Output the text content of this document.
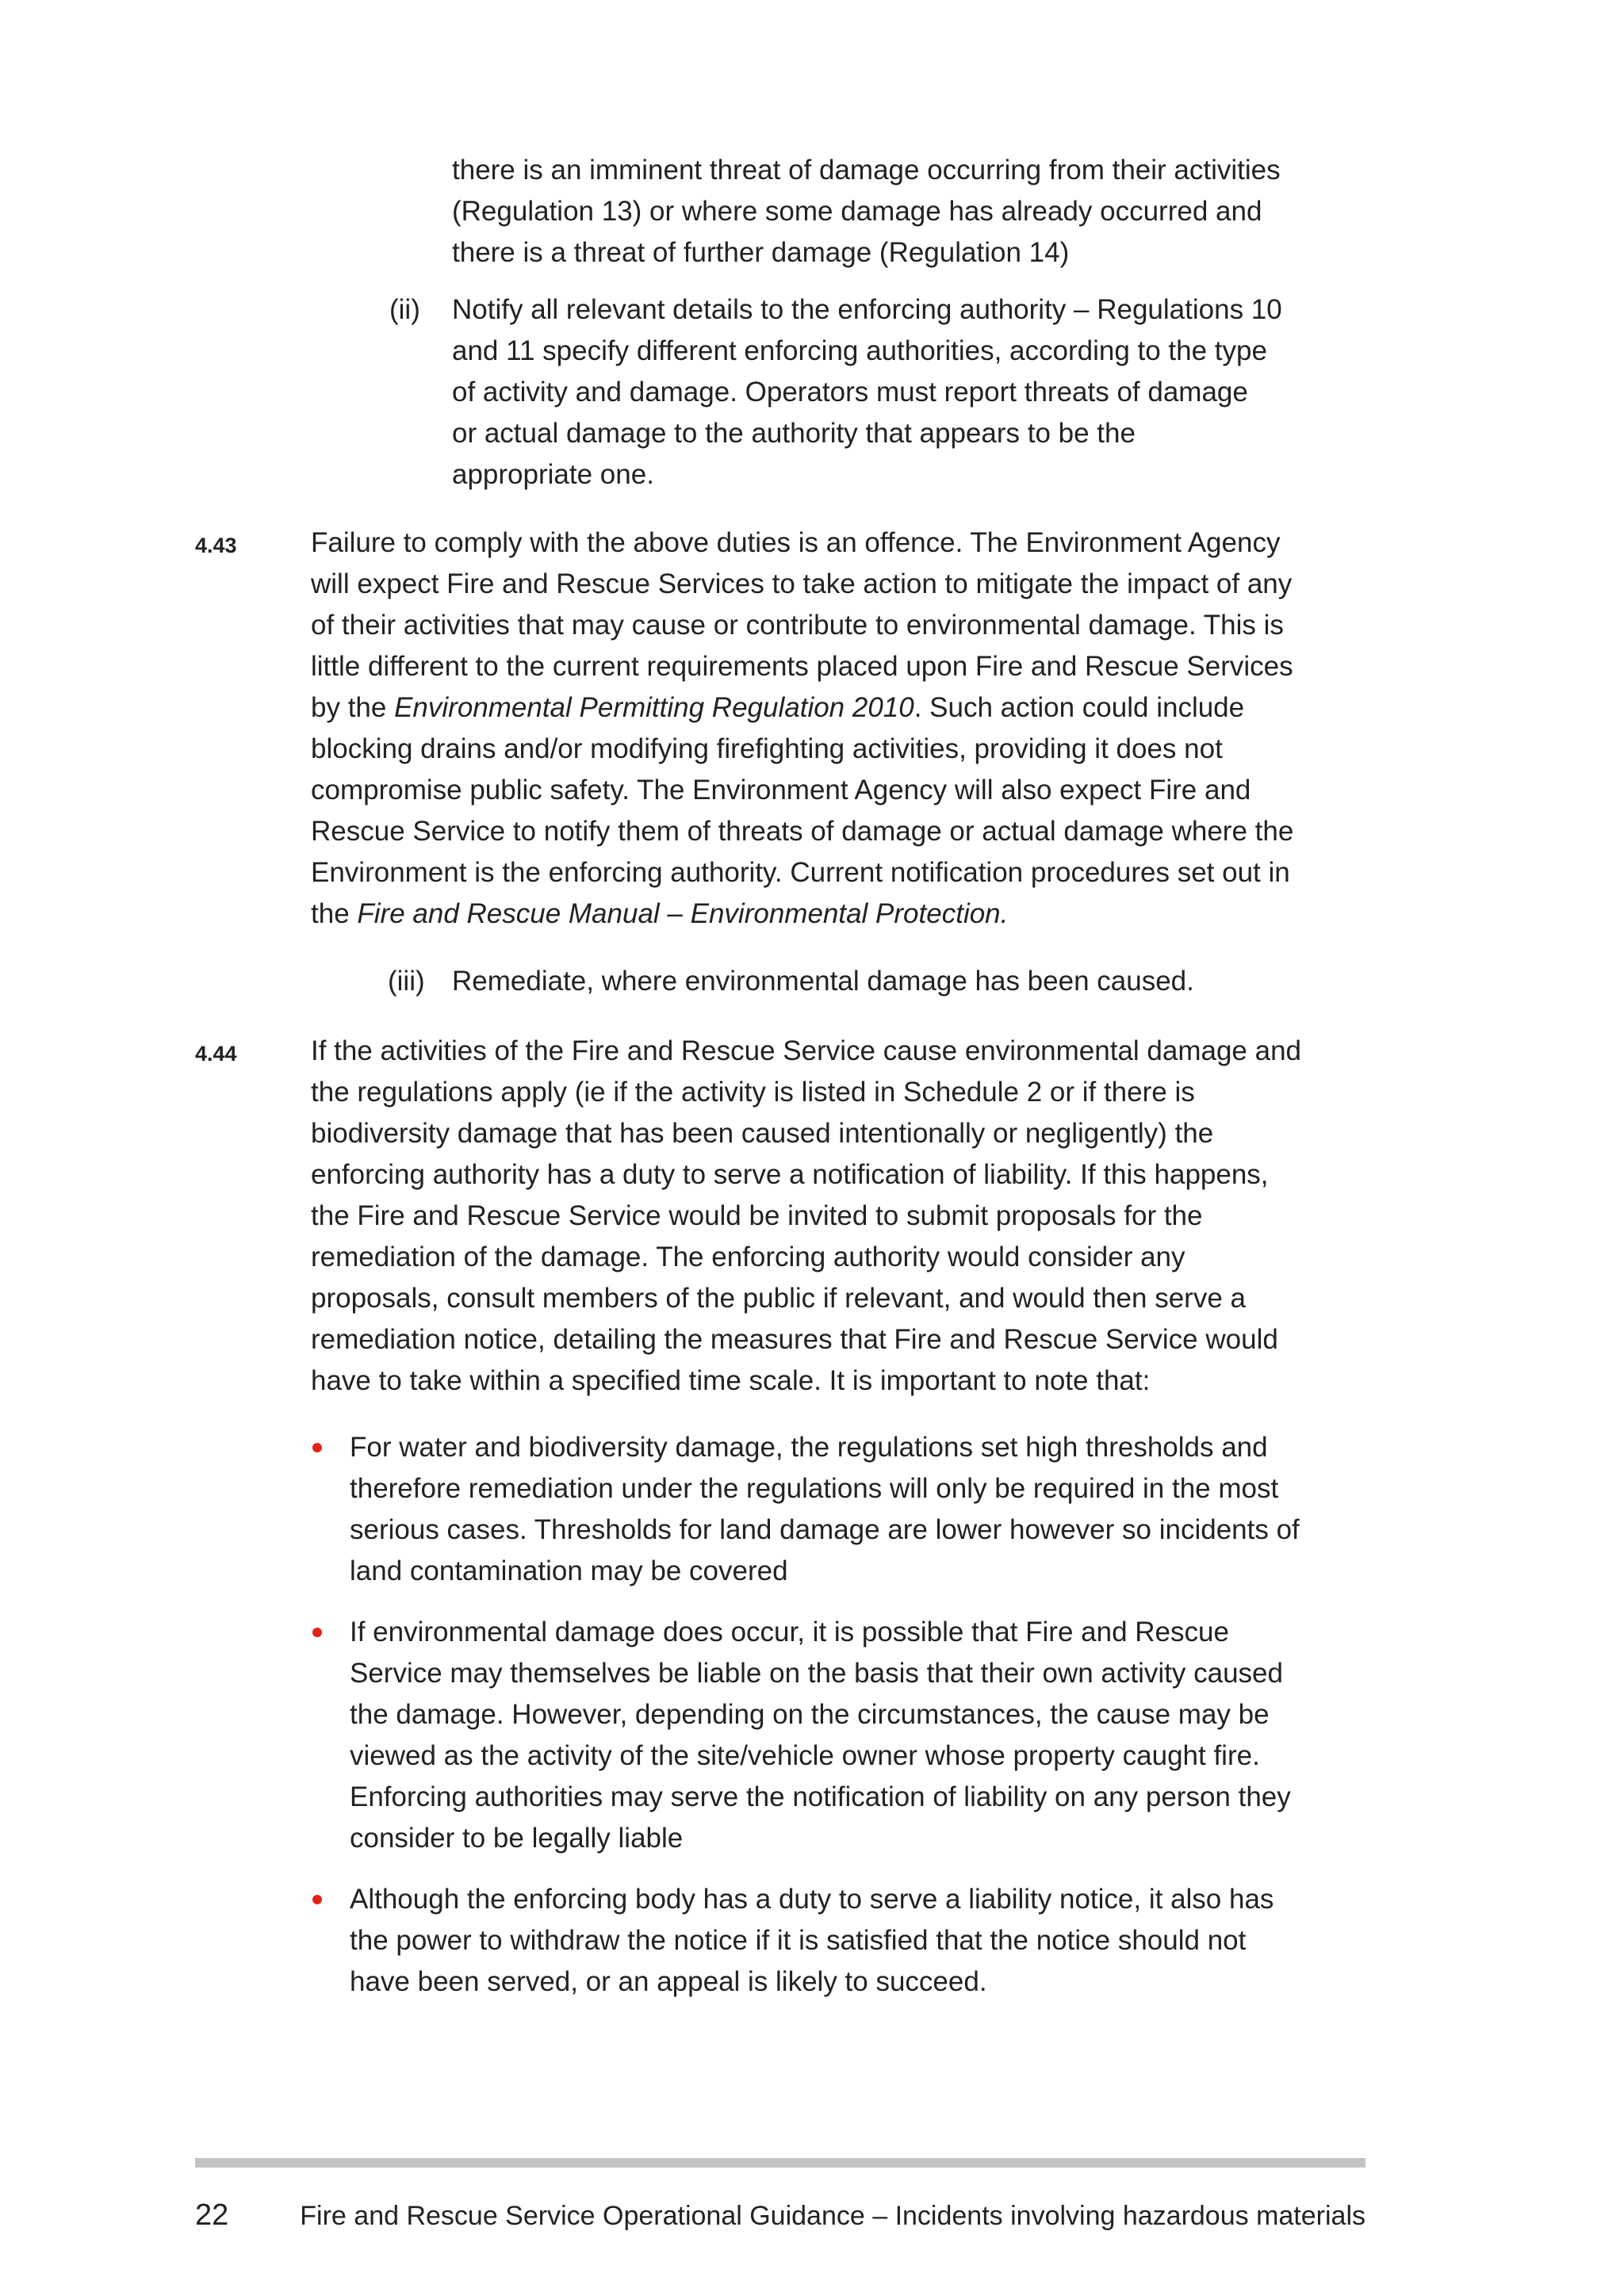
there is an imminent threat of damage occurring from their activities
(Regulation 13) or where some damage has already occurred and
there is a threat of further damage (Regulation 14)
(ii) Notify all relevant details to the enforcing authority – Regulations 10
and 11 specify different enforcing authorities, according to the type
of activity and damage. Operators must report threats of damage
or actual damage to the authority that appears to be the
appropriate one.
4.43	Failure to comply with the above duties is an offence. The Environment Agency
will expect Fire and Rescue Services to take action to mitigate the impact of any
of their activities that may cause or contribute to environmental damage. This is
little different to the current requirements placed upon Fire and Rescue Services
by the Environmental Permitting Regulation 2010. Such action could include
blocking drains and/or modifying firefighting activities, providing it does not
compromise public safety. The Environment Agency will also expect Fire and
Rescue Service to notify them of threats of damage or actual damage where the
Environment is the enforcing authority. Current notification procedures set out in
the Fire and Rescue Manual – Environmental Protection.
(iii) Remediate, where environmental damage has been caused.
4.44	If the activities of the Fire and Rescue Service cause environmental damage and
the regulations apply (ie if the activity is listed in Schedule 2 or if there is
biodiversity damage that has been caused intentionally or negligently) the
enforcing authority has a duty to serve a notification of liability. If this happens,
the Fire and Rescue Service would be invited to submit proposals for the
remediation of the damage. The enforcing authority would consider any
proposals, consult members of the public if relevant, and would then serve a
remediation notice, detailing the measures that Fire and Rescue Service would
have to take within a specified time scale. It is important to note that:
For water and biodiversity damage, the regulations set high thresholds and
therefore remediation under the regulations will only be required in the most
serious cases. Thresholds for land damage are lower however so incidents of
land contamination may be covered
If environmental damage does occur, it is possible that Fire and Rescue
Service may themselves be liable on the basis that their own activity caused
the damage. However, depending on the circumstances, the cause may be
viewed as the activity of the site/vehicle owner whose property caught fire.
Enforcing authorities may serve the notification of liability on any person they
consider to be legally liable
Although the enforcing body has a duty to serve a liability notice, it also has
the power to withdraw the notice if it is satisfied that the notice should not
have been served, or an appeal is likely to succeed.
22	Fire and Rescue Service Operational Guidance – Incidents involving hazardous materials
